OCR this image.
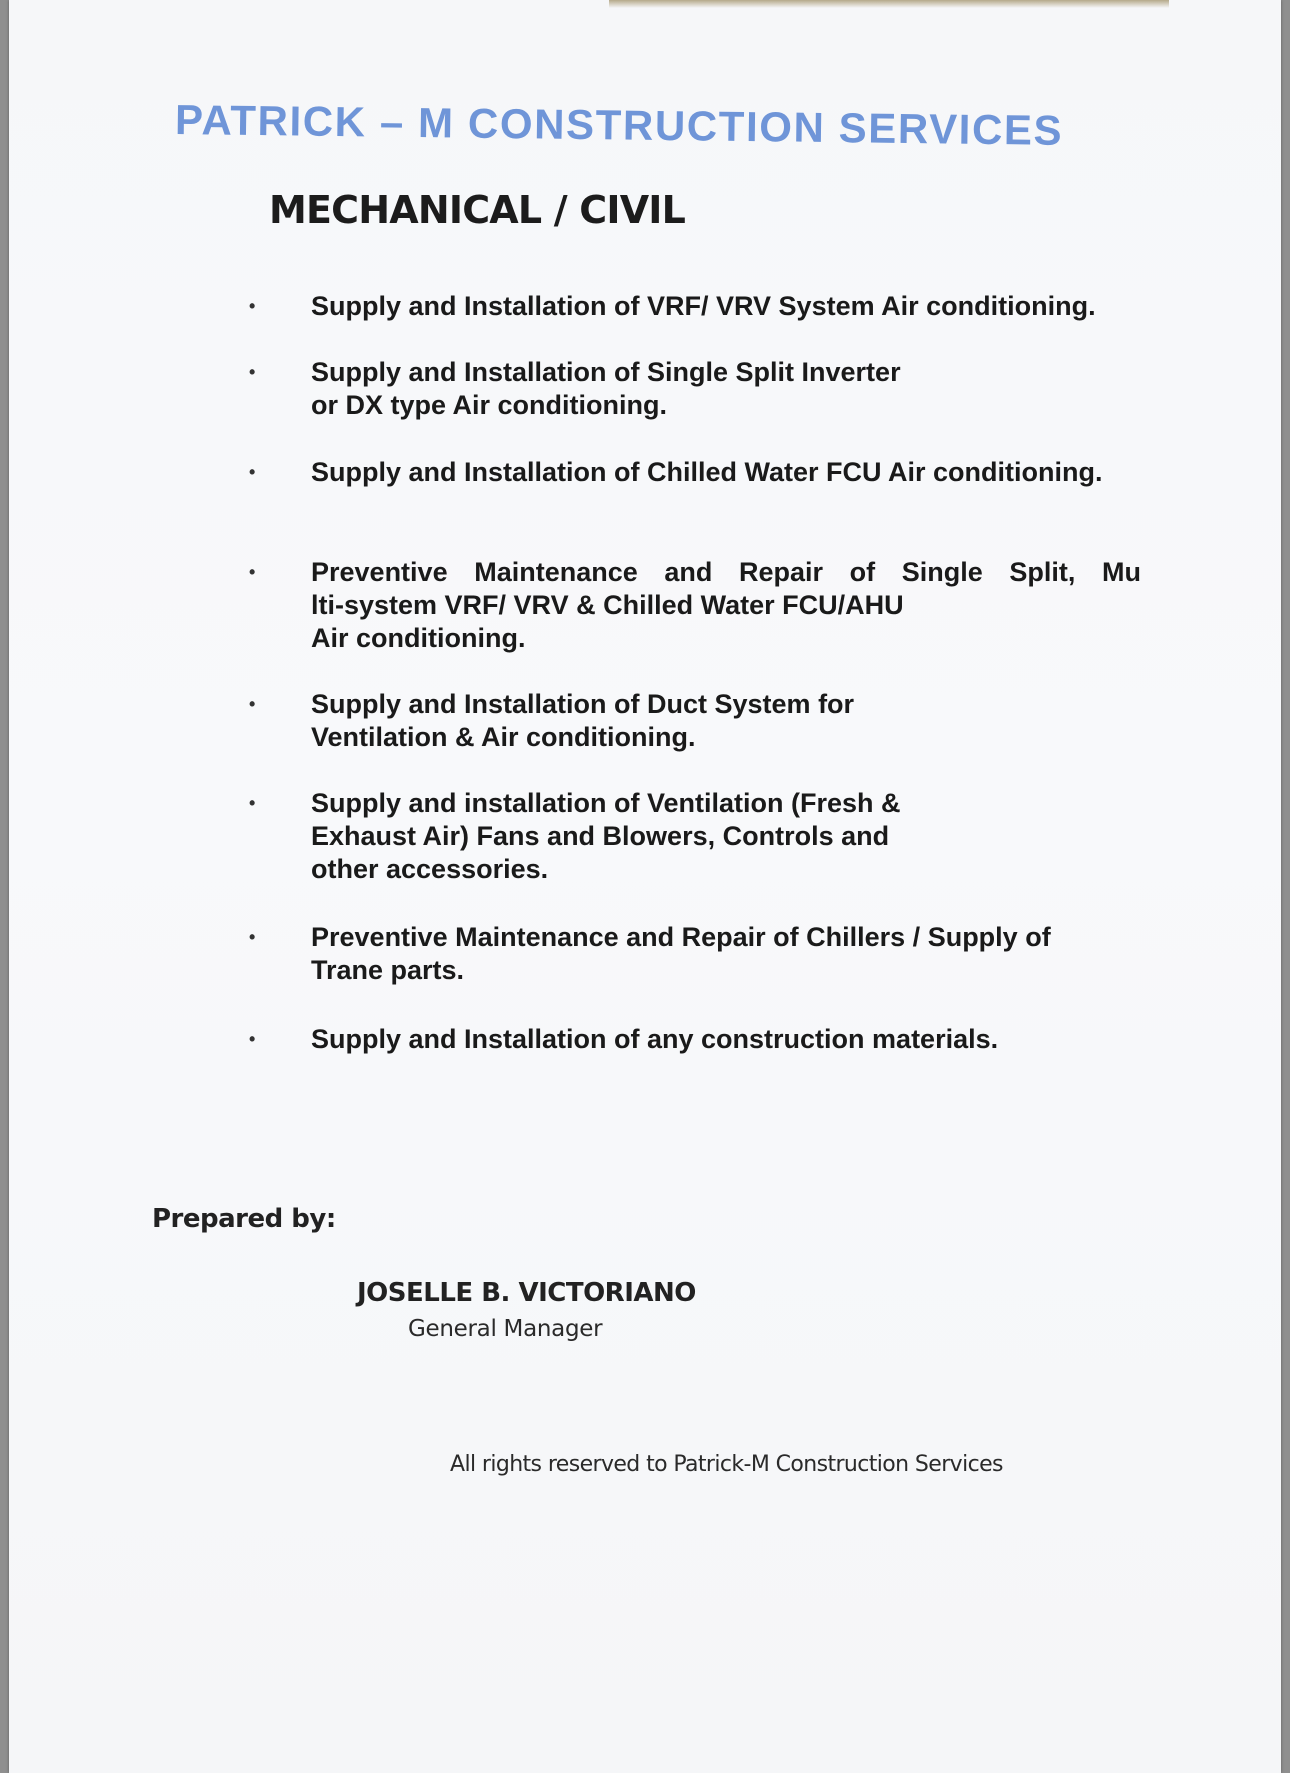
PATRICK – M CONSTRUCTION SERVICES
MECHANICAL / CIVIL
•	Supply and Installation of VRF/ VRV System Air conditioning.
•	Supply and Installation of Single Split Inverter
or DX type Air conditioning.
•	Supply and Installation of Chilled Water FCU Air conditioning.
•	Preventive Maintenance and Repair of Single Split, Mu
lti-system VRF/ VRV & Chilled Water FCU/AHU
Air conditioning.
•	Supply and Installation of Duct System for
Ventilation & Air conditioning.
•	Supply and installation of Ventilation (Fresh &
Exhaust Air) Fans and Blowers, Controls and
other accessories.
•	Preventive Maintenance and Repair of Chillers / Supply of
Trane parts.
•	Supply and Installation of any construction materials.
Prepared by:
JOSELLE B. VICTORIANO
General Manager
All rights reserved to Patrick-M Construction Services
